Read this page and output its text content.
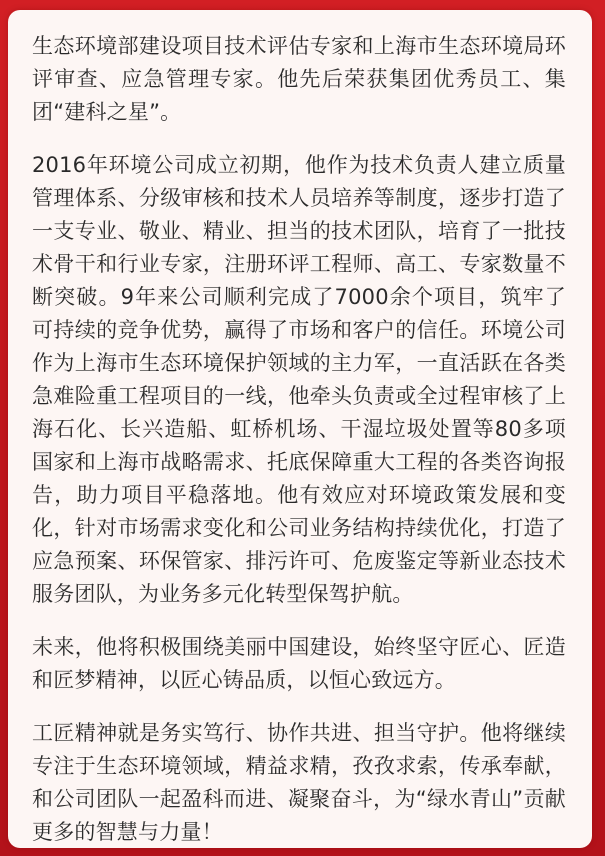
生态环境部建设项目技术评估专家和上海市生态环境局环评审查、应急管理专家。他先后荣获集团优秀员工、集团“建科之星”。

2016年环境公司成立初期，他作为技术负责人建立质量管理体系、分级审核和技术人员培养等制度，逐步打造了一支专业、敬业、精业、担当的技术团队，培育了一批技术骨干和行业专家，注册环评工程师、高工、专家数量不断突破。9年来公司顺利完成了7000余个项目，筑牢了可持续的竞争优势，赢得了市场和客户的信任。环境公司作为上海市生态环境保护领域的主力军，一直活跃在各类急难险重工程项目的一线，他牵头负责或全过程审核了上海石化、长兴造船、虹桥机场、干湿垃圾处置等80多项国家和上海市战略需求、托底保障重大工程的各类咨询报告，助力项目平稳落地。他有效应对环境政策发展和变化，针对市场需求变化和公司业务结构持续优化，打造了应急预案、环保管家、排污许可、危废鉴定等新业态技术服务团队，为业务多元化转型保驾护航。

未来，他将积极围绕美丽中国建设，始终坚守匠心、匠造和匠梦精神，以匠心铸品质，以恒心致远方。

工匠精神就是务实笃行、协作共进、担当守护。他将继续专注于生态环境领域，精益求精，孜孜求索，传承奉献，和公司团队一起盈科而进、凝聚奋斗，为“绿水青山”贡献更多的智慧与力量！
